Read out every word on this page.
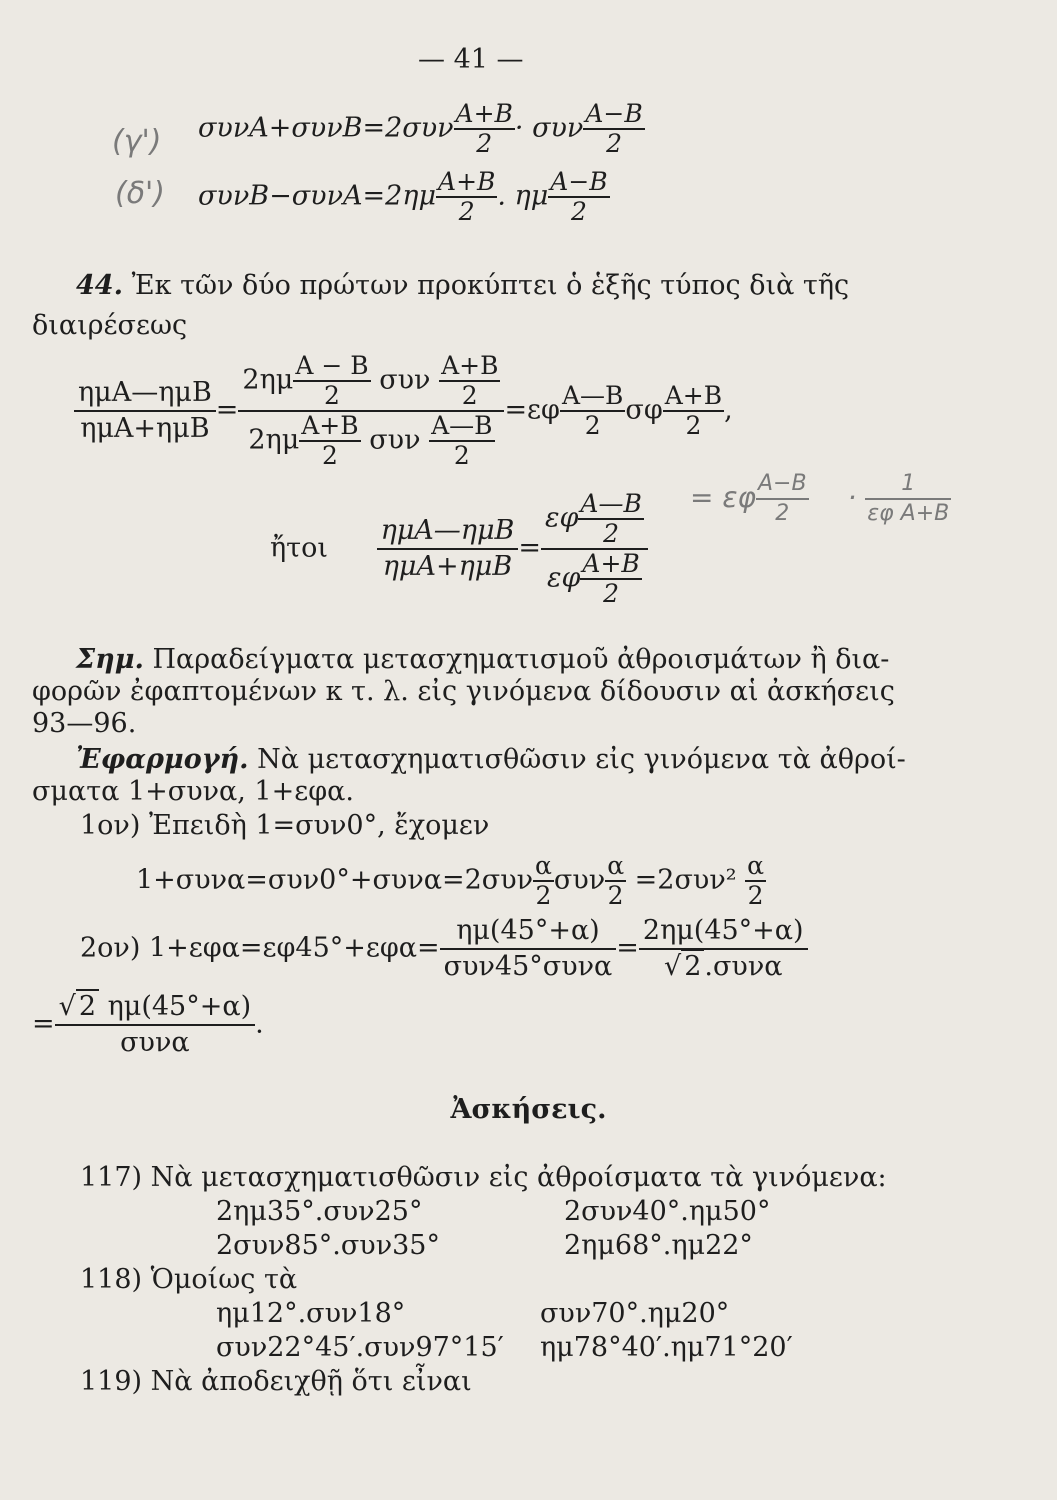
— 41 —
(γ')
(δ')
$\sigma\upsilon\nu A+\sigma\upsilon\nu B=2\sigma\upsilon\nu \frac{A+B}{2} \cdot \sigma\upsilon\nu \frac{A-B}{2}$
$\sigma\upsilon\nu B-\sigma\upsilon\nu A=2\eta\mu \frac{A+B}{2}$ . ημ $\frac{A-B}{2}$
44. Ἐκ τῶν δύο πρώτων προκύπτει ὁ ἑξῆς τύπος διὰ τῆς
διαιρέσεως
$\frac{\text{ημA—ημB}}{\text{ημA+ημB}} = \frac{2\eta\mu \frac{A - B}{2} \sigma\upsilon\nu \frac{A+B}{2}}{2\eta\mu \frac{A+B}{2} \sigma\upsilon\nu \frac{A—B}{2}} =\varepsilon\varphi \frac{A—B}{2}$ σφ $\frac{A+B}{2}$ ,
= εφ $\frac{A-B}{2} \cdot \frac{1}{\text{εφ A+B}}$
ἤτοι $\frac{\text{ημA—ημB}}{\text{ημA+ημB}} = \frac{\varepsilon\varphi \frac{A—B}{2}}{\varepsilon\varphi \frac{A+B}{2}}$
Σημ. Παραδείγματα μετασχηματισμοῦ ἀθροισμάτων ἢ δια-
φορῶν ἐφαπτομένων κ τ. λ. εἰς γινόμενα δίδουσιν αἱ ἀσκήσεις
93—96.
Ἐφαρμογή. Νὰ μετασχηματισθῶσιν εἰς γινόμενα τὰ ἀθροί-
σματα 1+συνα, 1+εφα.
1ον) Ἐπειδὴ 1=συν0°, ἔχομεν
$1+\sigma\upsilon\nu\alpha=\sigma\upsilon\nu 0^\circ+\sigma\upsilon\nu\alpha=2\sigma\upsilon\nu \frac{\alpha}{2}$ συν $\frac{\alpha}{2} =2\sigma\upsilon\nu^2 \frac{\alpha}{2}$
2ον) $1+\varepsilon\varphi\alpha=\varepsilon\varphi 45^\circ+\varepsilon\varphi\alpha= \frac{\eta\mu(45^\circ+\alpha)}{\text{συν45°συνα}} = \frac{2\eta\mu(45^\circ+\alpha)}{\text{√ 2 .συνα}}$
= $\frac{√ 2 \eta\mu(45^\circ+\alpha)}{\text{συνα}}$ .
Ἀσκήσεις.
117) Νὰ μετασχηματισθῶσιν εἰς ἀθροίσματα τὰ γινόμενα:
2ημ35°.συν25°	2συν40°.ημ50°
2συν85°.συν35°	2ημ68°.ημ22°
118) Ὁμοίως τὰ
ημ12°.συν18°	συν70°.ημ20°
συν22°45′.συν97°15′ ημ78°40′.ημ71°20′
119) Νὰ ἀποδειχθῇ ὅτι εἶναι
